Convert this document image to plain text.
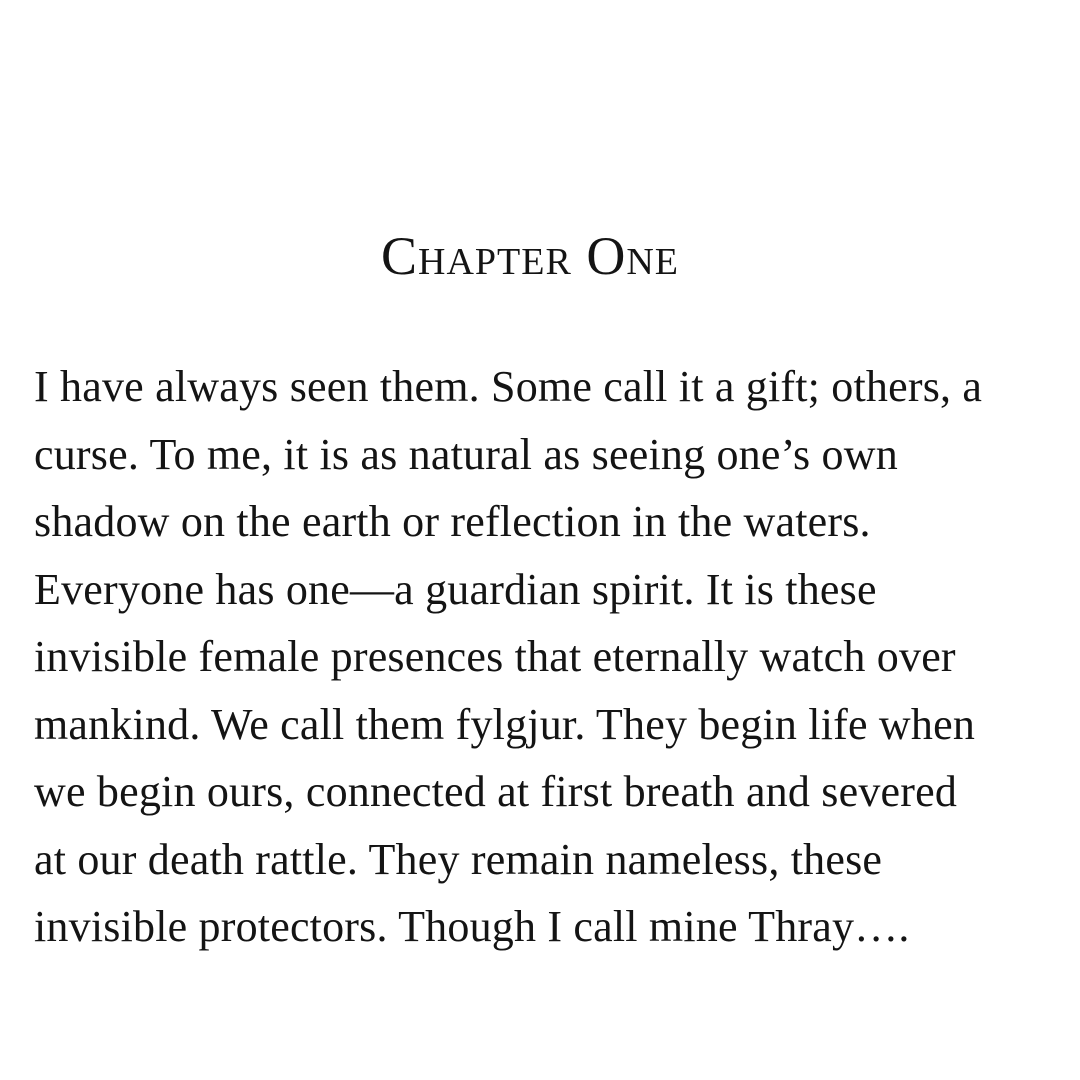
Chapter One
I have always seen them. Some call it a gift; others, a
curse. To me, it is as natural as seeing one’s own
shadow on the earth or reflection in the waters.
Everyone has one—a guardian spirit. It is these
invisible female presences that eternally watch over
mankind. We call them fylgjur. They begin life when
we begin ours, connected at first breath and severed
at our death rattle. They remain nameless, these
invisible protectors. Though I call mine Thray….
